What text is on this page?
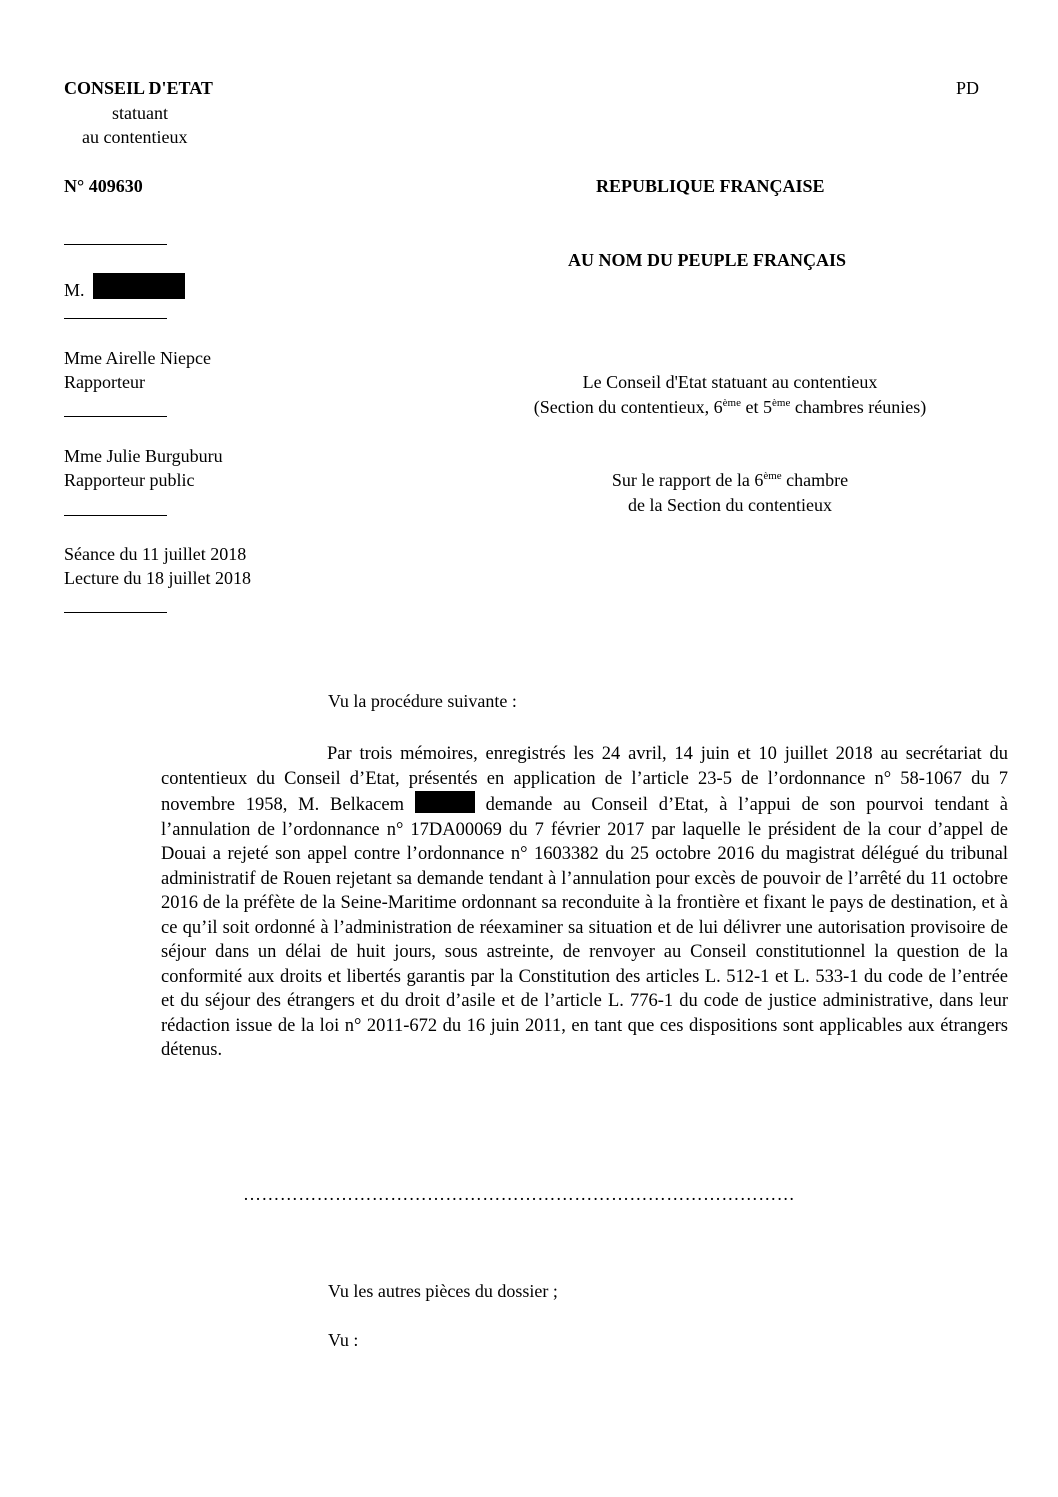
CONSEIL D'ETAT
statuant
au contentieux
PD
N° 409630	REPUBLIQUE FRANÇAISE
AU NOM DU PEUPLE FRANÇAIS
M.
Mme Airelle Niepce
Rapporteur	Le Conseil d'Etat statuant au contentieux
(Section du contentieux, 6ème et 5ème chambres réunies)
Mme Julie Burguburu
Rapporteur public	Sur le rapport de la 6ème chambre
de la Section du contentieux
Séance du 11 juillet 2018
Lecture du 18 juillet 2018
Vu la procédure suivante :
Par trois mémoires, enregistrés les 24 avril, 14 juin et 10 juillet 2018 au secrétariat du contentieux du Conseil d’Etat, présentés en application de l’article 23-5 de l’ordonnance n° 58-1067 du 7 novembre 1958, M. Belkacem	demande au Conseil d’Etat, à l’appui de son pourvoi tendant à l’annulation de l’ordonnance n° 17DA00069 du 7 février 2017 par laquelle le président de la cour d’appel de Douai a rejeté son appel contre l’ordonnance n° 1603382 du 25 octobre 2016 du magistrat délégué du tribunal administratif de Rouen rejetant sa demande tendant à l’annulation pour excès de pouvoir de l’arrêté du 11 octobre 2016 de la préfète de la Seine-Maritime ordonnant sa reconduite à la frontière et fixant le pays de destination, et à ce qu’il soit ordonné à l’administration de réexaminer sa situation et de lui délivrer une autorisation provisoire de séjour dans un délai de huit jours, sous astreinte, de renvoyer au Conseil constitutionnel la question de la conformité aux droits et libertés garantis par la Constitution des articles L. 512-1 et L. 533-1 du code de l’entrée et du séjour des étrangers et du droit d’asile et de l’article L. 776-1 du code de justice administrative, dans leur rédaction issue de la loi n° 2011-672 du 16 juin 2011, en tant que ces dispositions sont applicables aux étrangers détenus.
………………………………………………………………………………
Vu les autres pièces du dossier ;
Vu :
